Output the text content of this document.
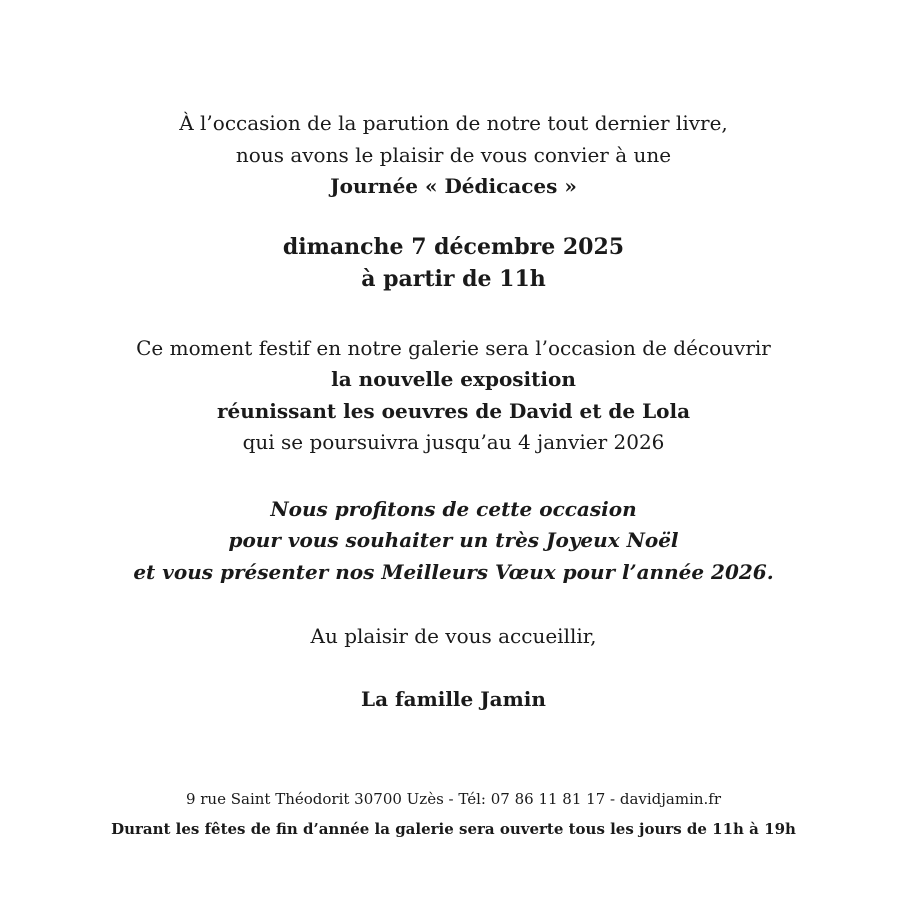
À l’occasion de la parution de notre tout dernier livre,
nous avons le plaisir de vous convier à une
Journée « Dédicaces »
dimanche 7 décembre 2025
à partir de 11h
Ce moment festif en notre galerie sera l’occasion de découvrir
la nouvelle exposition
réunissant les oeuvres de David et de Lola
qui se poursuivra jusqu’au 4 janvier 2026
Nous profitons de cette occasion
pour vous souhaiter un très Joyeux Noël
et vous présenter nos Meilleurs Vœux pour l’année 2026.
Au plaisir de vous accueillir,
La famille Jamin
9 rue Saint Théodorit 30700 Uzès - Tél: 07 86 11 81 17 - davidjamin.fr
Durant les fêtes de fin d’année la galerie sera ouverte tous les jours de 11h à 19h
